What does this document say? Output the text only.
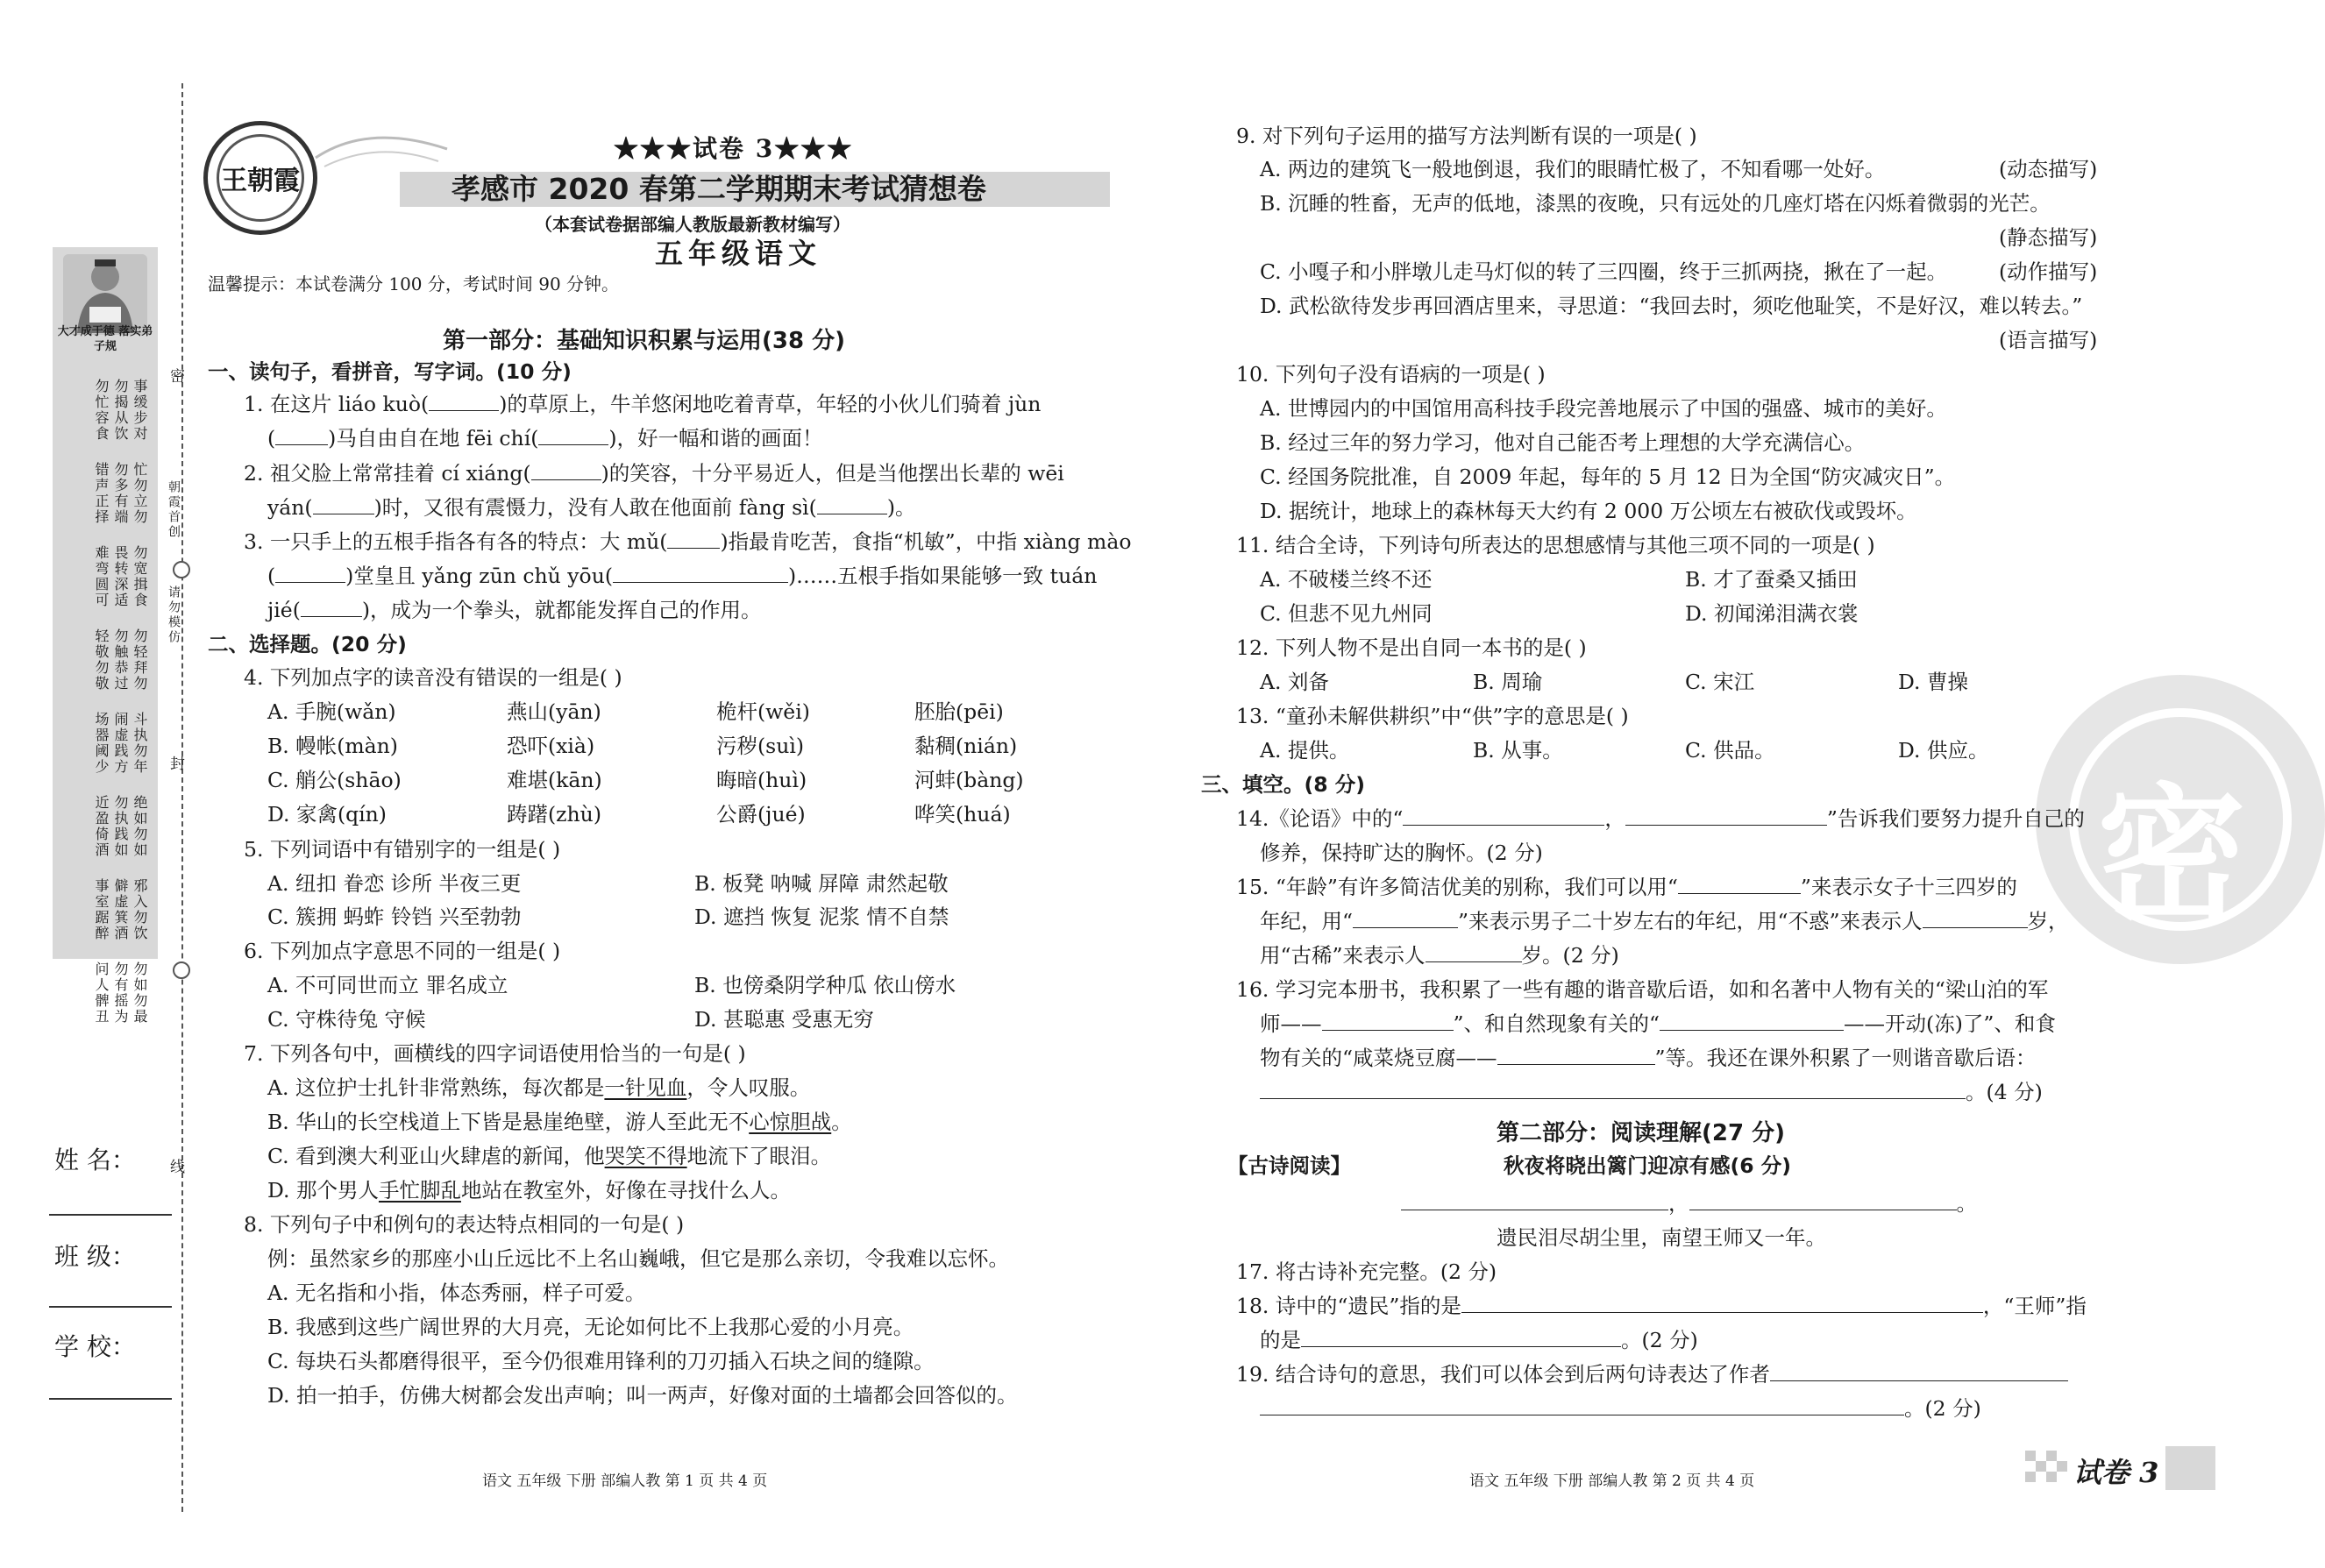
密
封
线
朝霞首创
请勿模仿
大才成于德 落实弟子规
事缓步对
勿揭从饮
勿忙容食
忙勿立勿
勿多有端
错声正择
勿宽揖食
畏转深适
难弯圆可
勿轻拜勿
勿触恭过
轻敬勿敬
斗执勿年
闹虚践方
场器阈少
绝如勿如
勿执践如
近盈倚酒
邪入勿饮
僻虚箕酒
事室踞醉
勿如勿最
勿有摇为
问人髀丑
姓 名：
班 级：
学 校：
王朝霞
★★★试卷 3★★★
孝感市 2020 春第二学期期末考试猜想卷
（本套试卷据部编人教版最新教材编写）
五年级语文
温馨提示：本试卷满分 100 分，考试时间 90 分钟。
第一部分：基础知识积累与运用(38 分)
一、读句子，看拼音，写字词。(10 分)
1. 在这片 liáo kuò(	)的草原上，牛羊悠闲地吃着青草，年轻的小伙儿们骑着 jùn
(	)马自由自在地 fēi chí(	)，好一幅和谐的画面！
2. 祖父脸上常常挂着 cí xiáng(	)的笑容，十分平易近人，但是当他摆出长辈的 wēi
yán(	)时，又很有震慑力，没有人敢在他面前 fàng sì(	)。
3. 一只手上的五根手指各有各的特点：大 mǔ(	)指最肯吃苦，食指“机敏”，中指 xiàng mào
(	)堂皇且 yǎng zūn chǔ yōu(	)……五根手指如果能够一致 tuán
jié(	)，成为一个拳头，就都能发挥自己的作用。
二、选择题。(20 分)
4. 下列加点字的读音没有错误的一组是( )
A. 手腕(wǎn)	燕山(yān)	桅杆(wěi)	胚胎(pēi)
B. 幔帐(màn)	恐吓(xià)	污秽(suì)	黏稠(nián)
C. 艄公(shāo)	难堪(kān)	晦暗(huì)	河蚌(bàng)
D. 家禽(qín)	踌躇(zhù)	公爵(jué)	哗笑(huá)
5. 下列词语中有错别字的一组是( )
A. 纽扣 眷恋 诊所 半夜三更	B. 板凳 呐喊 屏障 肃然起敬
C. 簇拥 蚂蚱 铃铛 兴至勃勃	D. 遮挡 恢复 泥浆 情不自禁
6. 下列加点字意思不同的一组是( )
A. 不可同世而立 罪名成立	B. 也傍桑阴学种瓜 依山傍水
C. 守株待兔 守候	D. 甚聪惠 受惠无穷
7. 下列各句中，画横线的四字词语使用恰当的一句是( )
A. 这位护士扎针非常熟练，每次都是一针见血，令人叹服。
B. 华山的长空栈道上下皆是悬崖绝壁，游人至此无不心惊胆战。
C. 看到澳大利亚山火肆虐的新闻，他哭笑不得地流下了眼泪。
D. 那个男人手忙脚乱地站在教室外，好像在寻找什么人。
8. 下列句子中和例句的表达特点相同的一句是( )
例：虽然家乡的那座小山丘远比不上名山巍峨，但它是那么亲切，令我难以忘怀。
A. 无名指和小指，体态秀丽，样子可爱。
B. 我感到这些广阔世界的大月亮，无论如何比不上我那心爱的小月亮。
C. 每块石头都磨得很平，至今仍很难用锋利的刀刃插入石块之间的缝隙。
D. 拍一拍手，仿佛大树都会发出声响；叫一两声，好像对面的土墙都会回答似的。
语文 五年级 下册 部编人教 第 1 页 共 4 页
9. 对下列句子运用的描写方法判断有误的一项是( )
A. 两边的建筑飞一般地倒退，我们的眼睛忙极了，不知看哪一处好。	(动态描写)
B. 沉睡的牲畜，无声的低地，漆黑的夜晚，只有远处的几座灯塔在闪烁着微弱的光芒。
(静态描写)
C. 小嘎子和小胖墩儿走马灯似的转了三四圈，终于三抓两挠，揪在了一起。	(动作描写)
D. 武松欲待发步再回酒店里来，寻思道：“我回去时，须吃他耻笑，不是好汉，难以转去。”
(语言描写)
10. 下列句子没有语病的一项是( )
A. 世博园内的中国馆用高科技手段完善地展示了中国的强盛、城市的美好。
B. 经过三年的努力学习，他对自己能否考上理想的大学充满信心。
C. 经国务院批准，自 2009 年起，每年的 5 月 12 日为全国“防灾减灾日”。
D. 据统计，地球上的森林每天大约有 2 000 万公顷左右被砍伐或毁坏。
11. 结合全诗，下列诗句所表达的思想感情与其他三项不同的一项是( )
A. 不破楼兰终不还	B. 才了蚕桑又插田
C. 但悲不见九州同	D. 初闻涕泪满衣裳
12. 下列人物不是出自同一本书的是( )
A. 刘备	B. 周瑜	C. 宋江	D. 曹操
13. “童孙未解供耕织”中“供”字的意思是( )
A. 提供。	B. 从事。	C. 供品。	D. 供应。
密
三、填空。(8 分)
14.《论语》中的“	，	”告诉我们要努力提升自己的
修养，保持旷达的胸怀。(2 分)
15. “年龄”有许多简洁优美的别称，我们可以用“	”来表示女子十三四岁的
年纪，用“	”来表示男子二十岁左右的年纪，用“不惑”来表示人	岁，
用“古稀”来表示人	岁。(2 分)
16. 学习完本册书，我积累了一些有趣的谐音歇后语，如和名著中人物有关的“梁山泊的军
师——	”、和自然现象有关的“	——开动(冻)了”、和食
物有关的“咸菜烧豆腐——	”等。我还在课外积累了一则谐音歇后语：
。(4 分)
第二部分：阅读理解(27 分)
【古诗阅读】	秋夜将晓出篱门迎凉有感(6 分)
，	。
遗民泪尽胡尘里，南望王师又一年。
17. 将古诗补充完整。(2 分)
18. 诗中的“遗民”指的是	，“王师”指
的是	。(2 分)
19. 结合诗句的意思，我们可以体会到后两句诗表达了作者
。(2 分)
语文 五年级 下册 部编人教 第 2 页 共 4 页	试卷 3
